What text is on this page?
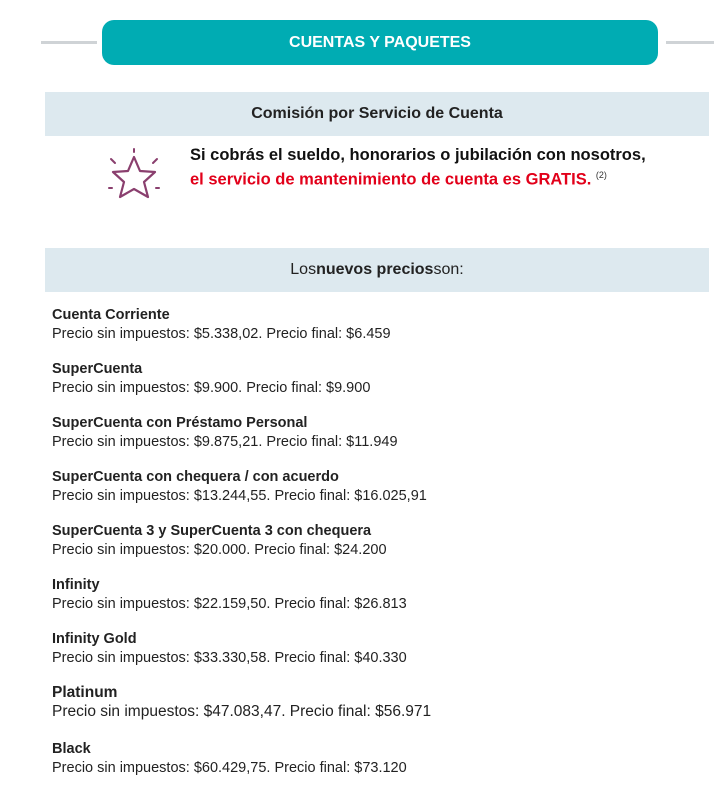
CUENTAS Y PAQUETES
Comisión por Servicio de Cuenta
Si cobrás el sueldo, honorarios o jubilación con nosotros, el servicio de mantenimiento de cuenta es GRATIS. $^{(2)}$
Los nuevos precios son:
Cuenta Corriente
Precio sin impuestos: $5.338,02. Precio final: $6.459
SuperCuenta
Precio sin impuestos: $9.900. Precio final: $9.900
SuperCuenta con Préstamo Personal
Precio sin impuestos: $9.875,21. Precio final: $11.949
SuperCuenta con chequera / con acuerdo
Precio sin impuestos: $13.244,55. Precio final: $16.025,91
SuperCuenta 3 y SuperCuenta 3 con chequera
Precio sin impuestos: $20.000. Precio final: $24.200
Infinity
Precio sin impuestos: $22.159,50. Precio final: $26.813
Infinity Gold
Precio sin impuestos: $33.330,58. Precio final: $40.330
Platinum
Precio sin impuestos: $47.083,47. Precio final: $56.971
Black
Precio sin impuestos: $60.429,75. Precio final: $73.120
